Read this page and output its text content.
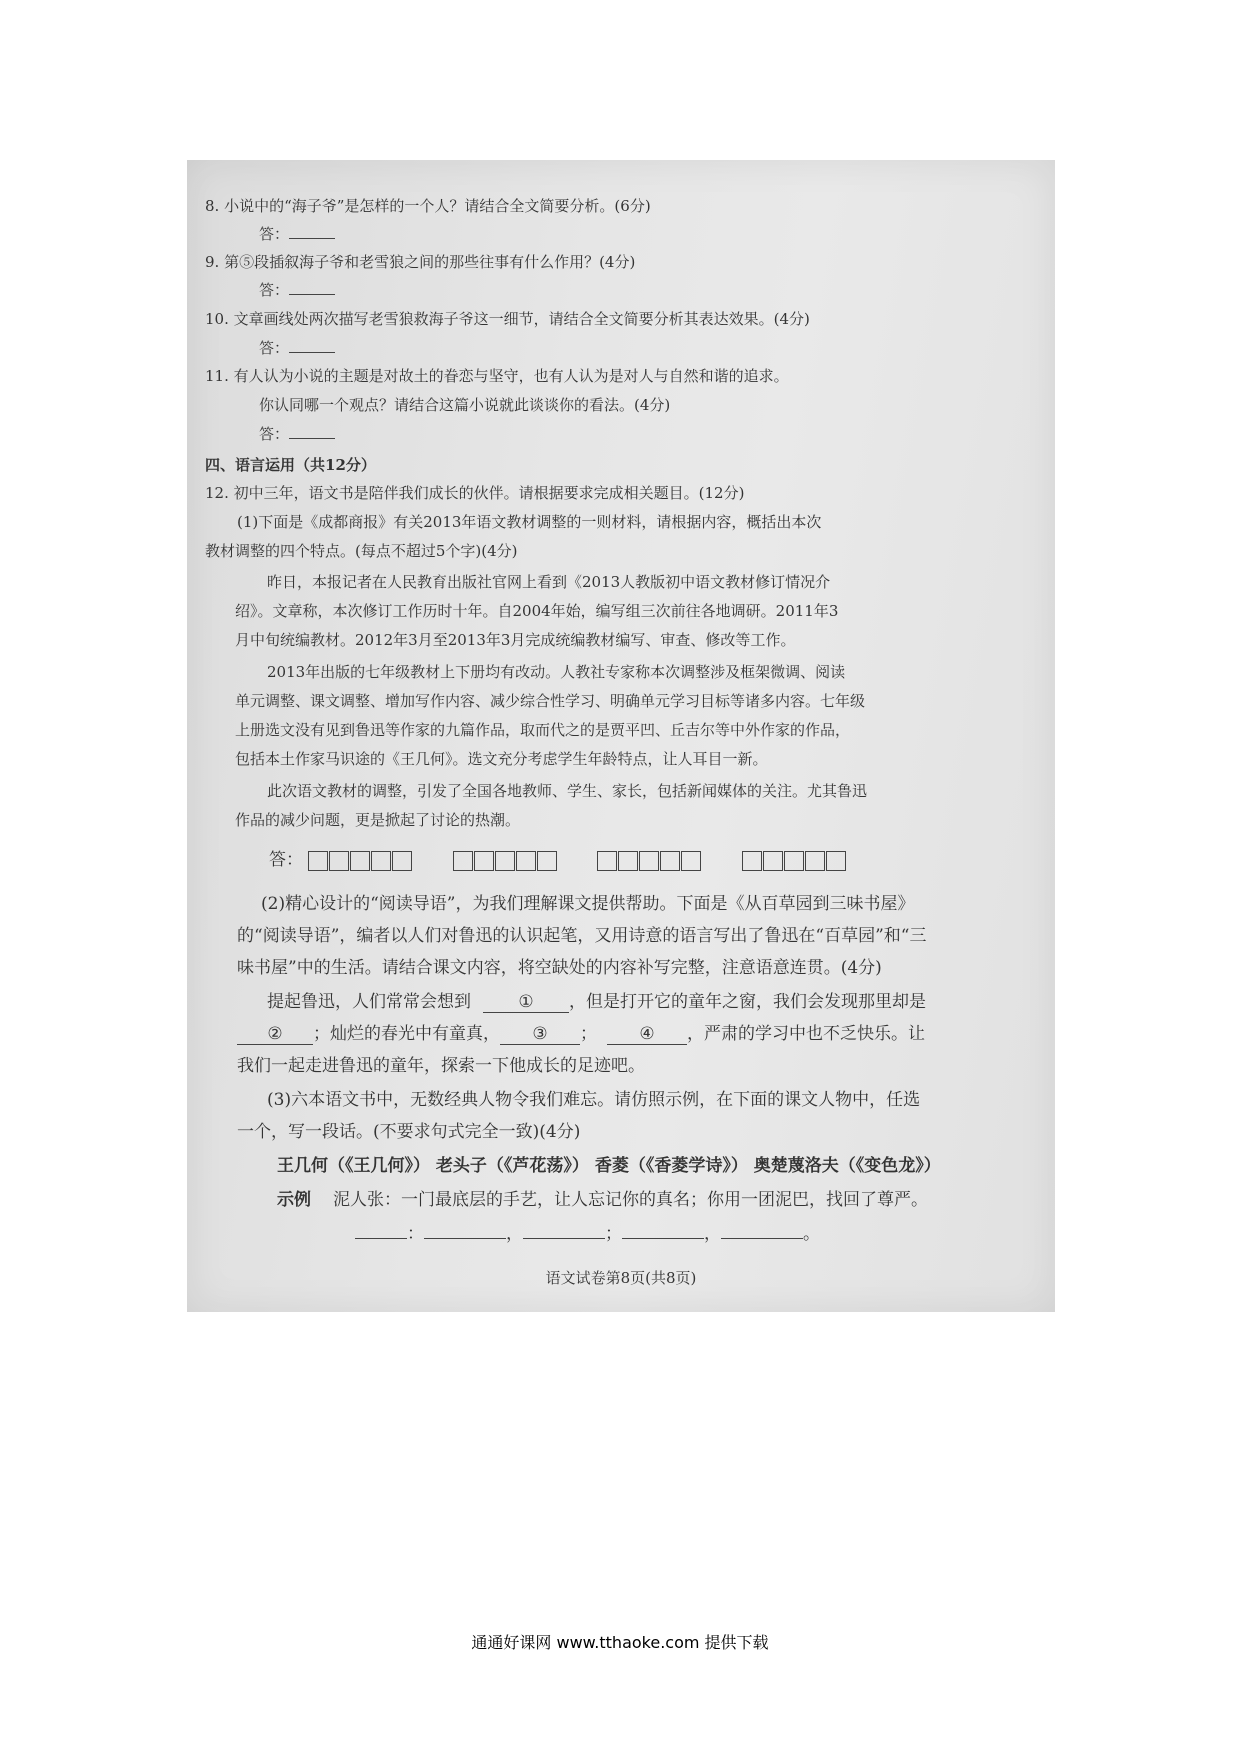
8. 小说中的“海子爷”是怎样的一个人？请结合全文简要分析。(6分)
答：
9. 第⑤段插叙海子爷和老雪狼之间的那些往事有什么作用？(4分)
答：
10. 文章画线处两次描写老雪狼救海子爷这一细节，请结合全文简要分析其表达效果。(4分)
答：
11. 有人认为小说的主题是对故土的眷恋与坚守，也有人认为是对人与自然和谐的追求。
你认同哪一个观点？请结合这篇小说就此谈谈你的看法。(4分)
答：
四、语言运用（共12分）
12. 初中三年，语文书是陪伴我们成长的伙伴。请根据要求完成相关题目。(12分)
(1)下面是《成都商报》有关2013年语文教材调整的一则材料，请根据内容，概括出本次
教材调整的四个特点。(每点不超过5个字)(4分)
昨日，本报记者在人民教育出版社官网上看到《2013人教版初中语文教材修订情况介
绍》。文章称，本次修订工作历时十年。自2004年始，编写组三次前往各地调研。2011年3
月中旬统编教材。2012年3月至2013年3月完成统编教材编写、审查、修改等工作。
2013年出版的七年级教材上下册均有改动。人教社专家称本次调整涉及框架微调、阅读
单元调整、课文调整、增加写作内容、减少综合性学习、明确单元学习目标等诸多内容。七年级
上册选文没有见到鲁迅等作家的九篇作品，取而代之的是贾平凹、丘吉尔等中外作家的作品，
包括本土作家马识途的《王几何》。选文充分考虑学生年龄特点，让人耳目一新。
此次语文教材的调整，引发了全国各地教师、学生、家长，包括新闻媒体的关注。尤其鲁迅
作品的减少问题，更是掀起了讨论的热潮。
答：
(2)精心设计的“阅读导语”，为我们理解课文提供帮助。下面是《从百草园到三味书屋》
的“阅读导语”，编者以人们对鲁迅的认识起笔，又用诗意的语言写出了鲁迅在“百草园”和“三
味书屋”中的生活。请结合课文内容，将空缺处的内容补写完整，注意语意连贯。(4分)
提起鲁迅，人们常常会想到	① ，但是打开它的童年之窗，我们会发现那里却是
② ；灿烂的春光中有童真， ③ ； ④ ，严肃的学习中也不乏快乐。让
我们一起走进鲁迅的童年，探索一下他成长的足迹吧。
(3)六本语文书中，无数经典人物令我们难忘。请仿照示例，在下面的课文人物中，任选
一个，写一段话。(不要求句式完全一致)(4分)
王几何（《王几何》） 老头子（《芦花荡》） 香菱（《香菱学诗》） 奥楚蔑洛夫（《变色龙》）
示例 泥人张：一门最底层的手艺，让人忘记你的真名；你用一团泥巴，找回了尊严。
：	，	；	，	。
语文试卷第8页(共8页)
通通好课网 www.tthaoke.com 提供下载
